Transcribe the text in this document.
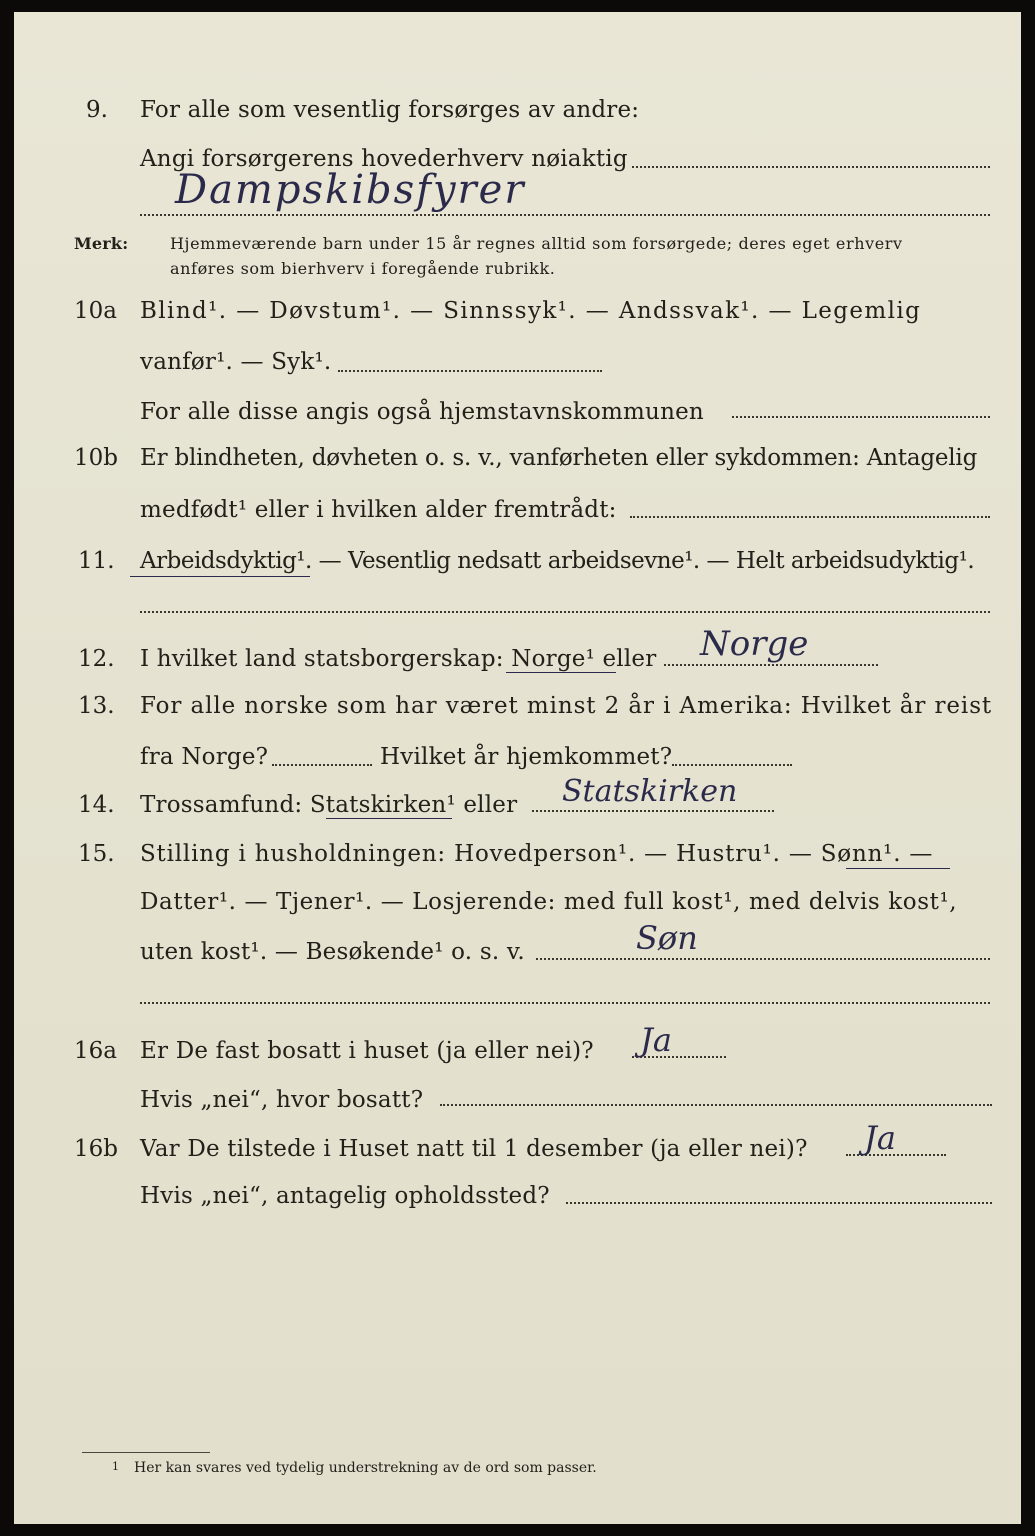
9. For alle som vesentlig forsørges av andre:
Angi forsørgerens hovederhverv nøiaktig
Dampskibsfyrer
Merk:	Hjemmeværende barn under 15 år regnes alltid som forsørgede; deres eget erhverv
anføres som bierhverv i foregående rubrikk.
10a Blind¹. — Døvstum¹. — Sinnssyk¹. — Andssvak¹. — Legemlig
vanfør¹. — Syk¹.
For alle disse angis også hjemstavnskommunen
10b Er blindheten, døvheten o. s. v., vanførheten eller sykdommen: Antagelig
medfødt¹ eller i hvilken alder fremtrådt:
11. Arbeidsdyktig¹. — Vesentlig nedsatt arbeidsevne¹. — Helt arbeidsudyktig¹.
12. I hvilket land statsborgerskap: Norge¹ eller Norge
13. For alle norske som har været minst 2 år i Amerika: Hvilket år reist
fra Norge?	Hvilket år hjemkommet?
14. Trossamfund: Statskirken¹ eller Statskirken
15. Stilling i husholdningen: Hovedperson¹. — Hustru¹. — Sønn¹. —
Datter¹. — Tjener¹. — Losjerende: med full kost¹, med delvis kost¹,
uten kost¹. — Besøkende¹ o. s. v.	Søn
16a Er De fast bosatt i huset (ja eller nei)? Ja
Hvis „nei“, hvor bosatt?
16b Var De tilstede i Huset natt til 1 desember (ja eller nei)? Ja
Hvis „nei“, antagelig opholdssted?
1 Her kan svares ved tydelig understrekning av de ord som passer.
